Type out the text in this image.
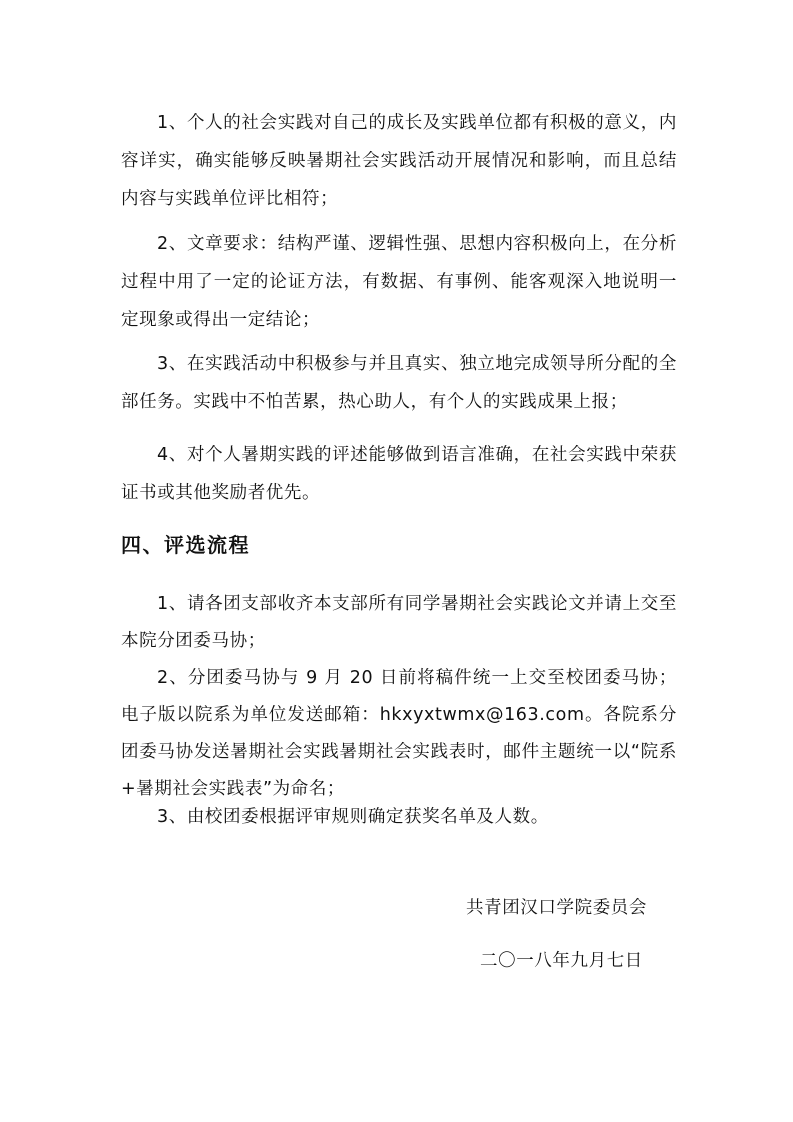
1、个人的社会实践对自己的成长及实践单位都有积极的意义，内容详实，确实能够反映暑期社会实践活动开展情况和影响，而且总结内容与实践单位评比相符；

2、文章要求：结构严谨、逻辑性强、思想内容积极向上，在分析过程中用了一定的论证方法，有数据、有事例、能客观深入地说明一定现象或得出一定结论；

3、在实践活动中积极参与并且真实、独立地完成领导所分配的全部任务。实践中不怕苦累，热心助人，有个人的实践成果上报；

4、对个人暑期实践的评述能够做到语言准确，在社会实践中荣获证书或其他奖励者优先。

四、评选流程

1、请各团支部收齐本支部所有同学暑期社会实践论文并请上交至本院分团委马协；

2、分团委马协与 9 月 20 日前将稿件统一上交至校团委马协；电子版以院系为单位发送邮箱：hkxyxtwmx@163.com。各院系分团委马协发送暑期社会实践暑期社会实践表时，邮件主题统一以“院系+暑期社会实践表”为命名；

3、由校团委根据评审规则确定获奖名单及人数。

共青团汉口学院委员会

二〇一八年九月七日
